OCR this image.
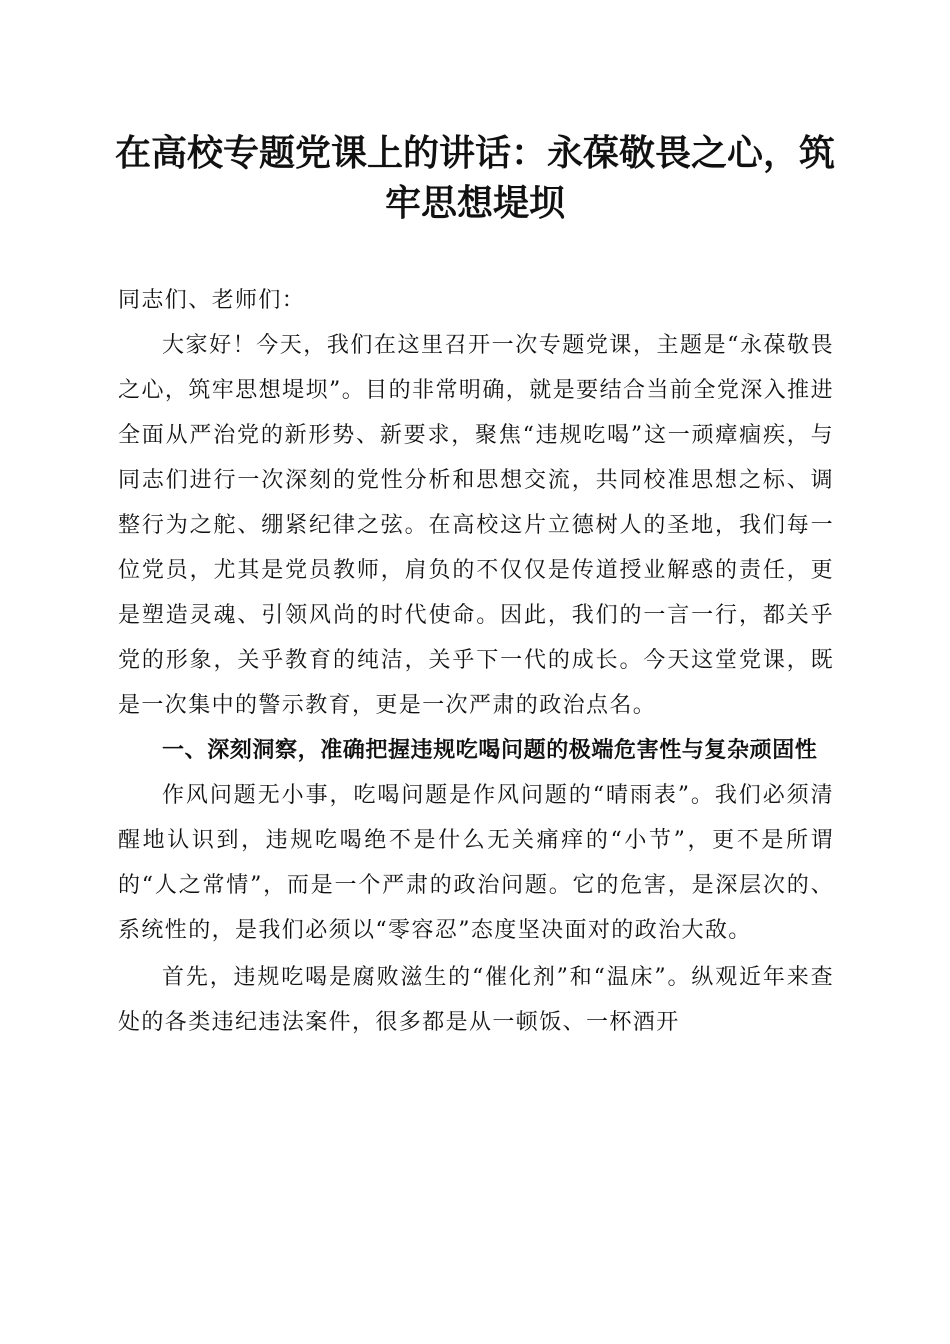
在高校专题党课上的讲话：永葆敬畏之心，筑
牢思想堤坝

同志们、老师们：

大家好！今天，我们在这里召开一次专题党课，主题是“永葆敬畏之心，筑牢思想堤坝”。目的非常明确，就是要结合当前全党深入推进全面从严治党的新形势、新要求，聚焦“违规吃喝”这一顽瘴痼疾，与同志们进行一次深刻的党性分析和思想交流，共同校准思想之标、调整行为之舵、绷紧纪律之弦。在高校这片立德树人的圣地，我们每一位党员，尤其是党员教师，肩负的不仅仅是传道授业解惑的责任，更是塑造灵魂、引领风尚的时代使命。因此，我们的一言一行，都关乎党的形象，关乎教育的纯洁，关乎下一代的成长。今天这堂党课，既是一次集中的警示教育，更是一次严肃的政治点名。

一、深刻洞察，准确把握违规吃喝问题的极端危害性与复杂顽固性

作风问题无小事，吃喝问题是作风问题的“晴雨表”。我们必须清醒地认识到，违规吃喝绝不是什么无关痛痒的“小节”，更不是所谓的“人之常情”，而是一个严肃的政治问题。它的危害，是深层次的、系统性的，是我们必须以“零容忍”态度坚决面对的政治大敌。

首先，违规吃喝是腐败滋生的“催化剂”和“温床”。纵观近年来查处的各类违纪违法案件，很多都是从一顿饭、一杯酒开
